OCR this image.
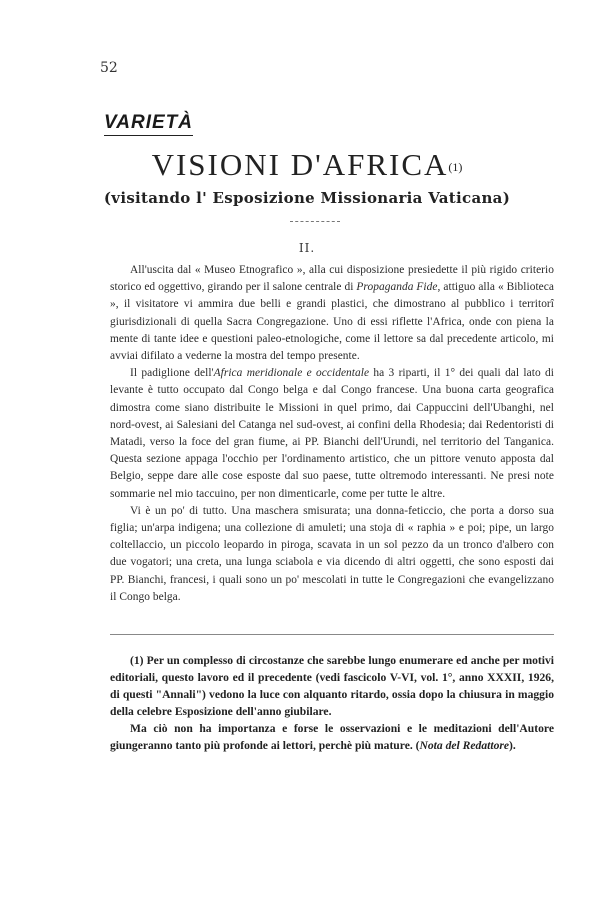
52
VARIETÀ
VISIONI D'AFRICA$^{(1)}$
(visitando l' Esposizione Missionaria Vaticana)
II.

All'uscita dal « Museo Etnografico », alla cui disposizione presiedette il più rigido criterio storico ed oggettivo, girando per il salone centrale di Propaganda Fide, attiguo alla « Biblioteca », il visitatore vi ammira due belli e grandi plastici, che dimostrano al pubblico i territorî giurisdizionali di quella Sacra Congregazione. Uno di essi riflette l'Africa, onde con piena la mente di tante idee e questioni paleo-etnologiche, come il lettore sa dal precedente articolo, mi avviai difilato a vederne la mostra del tempo presente.

Il padiglione dell'Africa meridionale e occidentale ha 3 riparti, il 1° dei quali dal lato di levante è tutto occupato dal Congo belga e dal Congo francese. Una buona carta geografica dimostra come siano distribuite le Missioni in quel primo, dai Cappuccini dell'Ubanghi, nel nord-ovest, ai Salesiani del Catanga nel sud-ovest, ai confini della Rhodesia; dai Redentoristi di Matadi, verso la foce del gran fiume, ai PP. Bianchi dell'Urundi, nel territorio del Tanganica. Questa sezione appaga l'occhio per l'ordinamento artistico, che un pittore venuto apposta dal Belgio, seppe dare alle cose esposte dal suo paese, tutte oltremodo interessanti. Ne presi note sommarie nel mio taccuino, per non dimenticarle, come per tutte le altre.

Vi è un po' di tutto. Una maschera smisurata; una donna-feticcio, che porta a dorso sua figlia; un'arpa indigena; una collezione di amuleti; una stoja di « raphia » e poi; pipe, un largo coltellaccio, un piccolo leopardo in piroga, scavata in un sol pezzo da un tronco d'albero con due vogatori; una creta, una lunga sciabola e via dicendo di altri oggetti, che sono esposti dai PP. Bianchi, francesi, i quali sono un po' mescolati in tutte le Congregazioni che evangelizzano il Congo belga.

(1) Per un complesso di circostanze che sarebbe lungo enumerare ed anche per motivi editoriali, questo lavoro ed il precedente (vedi fascicolo V-VI, vol. 1°, anno XXXII, 1926, di questi "Annali") vedono la luce con alquanto ritardo, ossia dopo la chiusura in maggio della celebre Esposizione dell'anno giubilare.

Ma ciò non ha importanza e forse le osservazioni e le meditazioni dell'Autore giungeranno tanto più profonde ai lettori, perchè più mature. (Nota del Redattore).
